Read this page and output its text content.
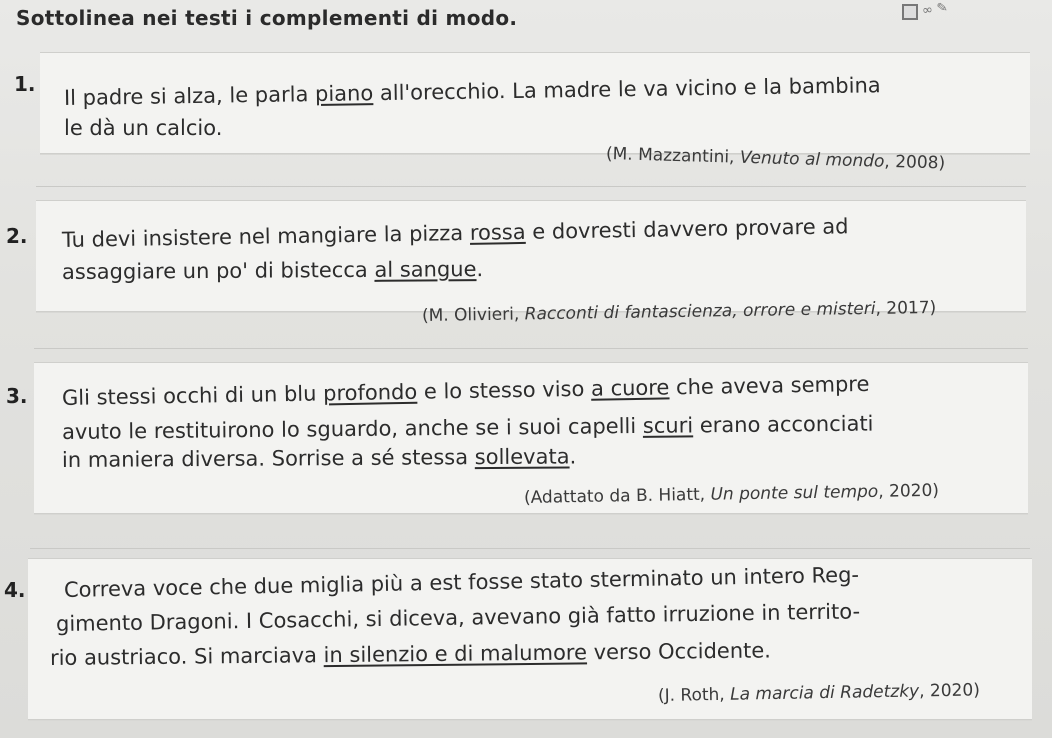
Sottolinea nei testi i complementi di modo.	∞ ✎
1. Il padre si alza, le parla piano all'orecchio. La madre le va vicino e la bambina
le dà un calcio.
(M. Mazzantini, Venuto al mondo, 2008)
2. Tu devi insistere nel mangiare la pizza rossa e dovresti davvero provare ad
assaggiare un po' di bistecca al sangue.
(M. Olivieri, Racconti di fantascienza, orrore e misteri, 2017)
3. Gli stessi occhi di un blu profondo e lo stesso viso a cuore che aveva sempre
avuto le restituirono lo sguardo, anche se i suoi capelli scuri erano acconciati
in maniera diversa. Sorrise a sé stessa sollevata.
(Adattato da B. Hiatt, Un ponte sul tempo, 2020)
4. Correva voce che due miglia più a est fosse stato sterminato un intero Reg-
gimento Dragoni. I Cosacchi, si diceva, avevano già fatto irruzione in territo-
rio austriaco. Si marciava in silenzio e di malumore verso Occidente.
(J. Roth, La marcia di Radetzky, 2020)
